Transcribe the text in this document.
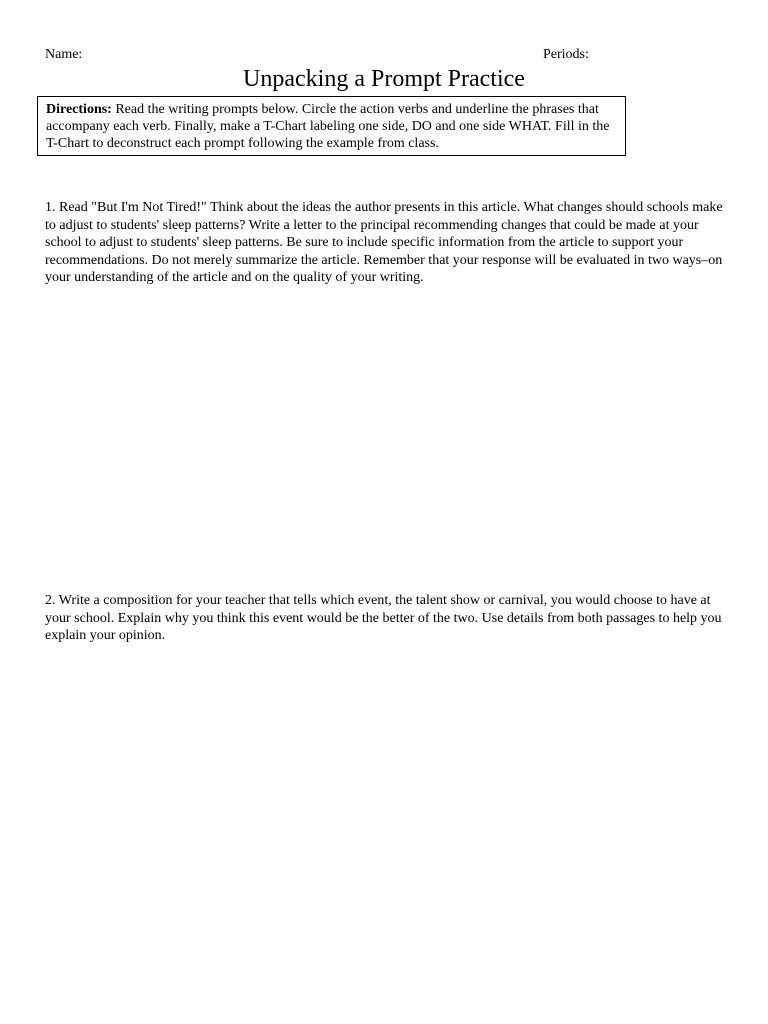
Name:	Periods:
Unpacking a Prompt Practice
Directions: Read the writing prompts below. Circle the action verbs and underline the phrases that accompany each verb. Finally, make a T-Chart labeling one side, DO and one side WHAT. Fill in the T-Chart to deconstruct each prompt following the example from class.
1. Read "But I'm Not Tired!" Think about the ideas the author presents in this article. What changes should schools make to adjust to students' sleep patterns? Write a letter to the principal recommending changes that could be made at your school to adjust to students' sleep patterns. Be sure to include specific information from the article to support your recommendations. Do not merely summarize the article. Remember that your response will be evaluated in two ways–on your understanding of the article and on the quality of your writing.
2. Write a composition for your teacher that tells which event, the talent show or carnival, you would choose to have at your school. Explain why you think this event would be the better of the two. Use details from both passages to help you explain your opinion.
